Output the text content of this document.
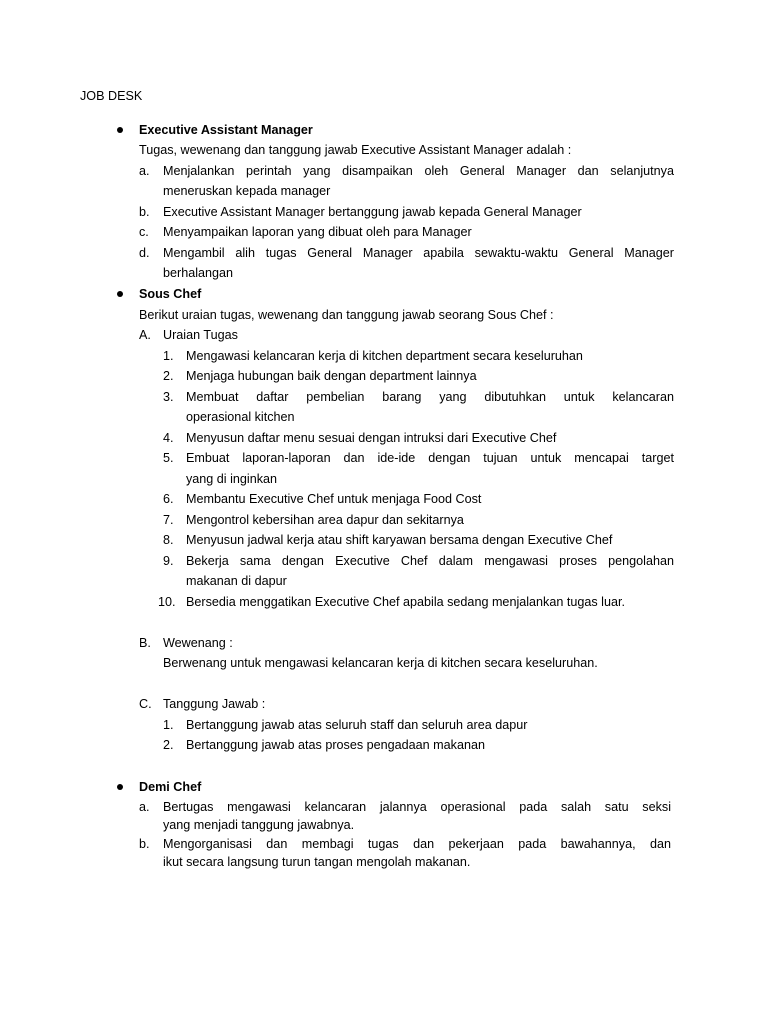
JOB DESK
Executive Assistant Manager
Tugas, wewenang dan tanggung jawab Executive Assistant Manager adalah :
a. Menjalankan perintah yang disampaikan oleh General Manager dan selanjutnya
meneruskan kepada manager
b. Executive Assistant Manager bertanggung jawab kepada General Manager
c. Menyampaikan laporan yang dibuat oleh para Manager
d. Mengambil alih tugas General Manager apabila sewaktu-waktu General Manager
berhalangan
Sous Chef
Berikut uraian tugas, wewenang dan tanggung jawab seorang Sous Chef :
A. Uraian Tugas
1. Mengawasi kelancaran kerja di kitchen department secara keseluruhan
2. Menjaga hubungan baik dengan department lainnya
3. Membuat daftar pembelian barang yang dibutuhkan untuk kelancaran
operasional kitchen
4. Menyusun daftar menu sesuai dengan intruksi dari Executive Chef
5. Embuat laporan-laporan dan ide-ide dengan tujuan untuk mencapai target
yang di inginkan
6. Membantu Executive Chef untuk menjaga Food Cost
7. Mengontrol kebersihan area dapur dan sekitarnya
8. Menyusun jadwal kerja atau shift karyawan bersama dengan Executive Chef
9. Bekerja sama dengan Executive Chef dalam mengawasi proses pengolahan
makanan di dapur
10. Bersedia menggatikan Executive Chef apabila sedang menjalankan tugas luar.
B. Wewenang :
Berwenang untuk mengawasi kelancaran kerja di kitchen secara keseluruhan.
C. Tanggung Jawab :
1. Bertanggung jawab atas seluruh staff dan seluruh area dapur
2. Bertanggung jawab atas proses pengadaan makanan
Demi Chef
a. Bertugas mengawasi kelancaran jalannya operasional pada salah satu seksi
yang menjadi tanggung jawabnya.
b. Mengorganisasi dan membagi tugas dan pekerjaan pada bawahannya, dan
ikut secara langsung turun tangan mengolah makanan.
